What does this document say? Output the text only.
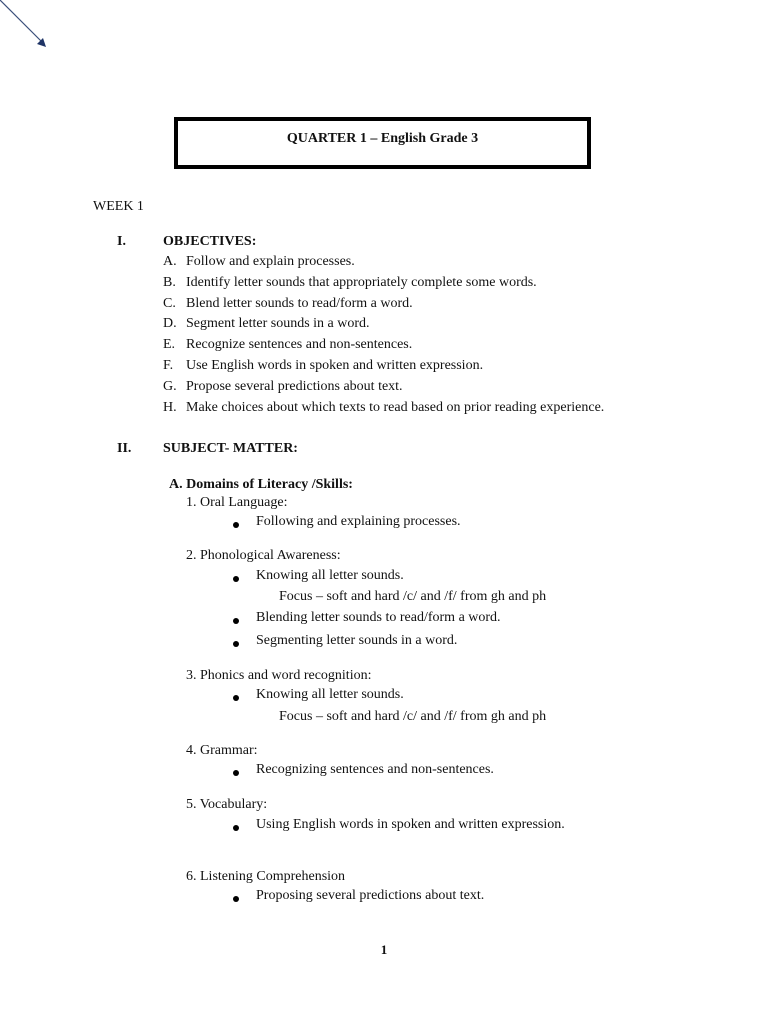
QUARTER 1 – English Grade 3
WEEK 1
I.	OBJECTIVES:
A. Follow and explain processes.
B. Identify letter sounds that appropriately complete some words.
C. Blend letter sounds to read/form a word.
D. Segment letter sounds in a word.
E. Recognize sentences and non-sentences.
F. Use English words in spoken and written expression.
G. Propose several predictions about text.
H. Make choices about which texts to read based on prior reading experience.
II. SUBJECT- MATTER:
A. Domains of Literacy /Skills:
1. Oral Language:
Following and explaining processes.
2. Phonological Awareness:
Knowing all letter sounds.
Focus – soft and hard /c/ and /f/ from gh and ph
Blending letter sounds to read/form a word.
Segmenting letter sounds in a word.
3. Phonics and word recognition:
Knowing all letter sounds.
Focus – soft and hard /c/ and /f/ from gh and ph
4. Grammar:
Recognizing sentences and non-sentences.
5. Vocabulary:
Using English words in spoken and written expression.
6. Listening Comprehension
Proposing several predictions about text.
1
